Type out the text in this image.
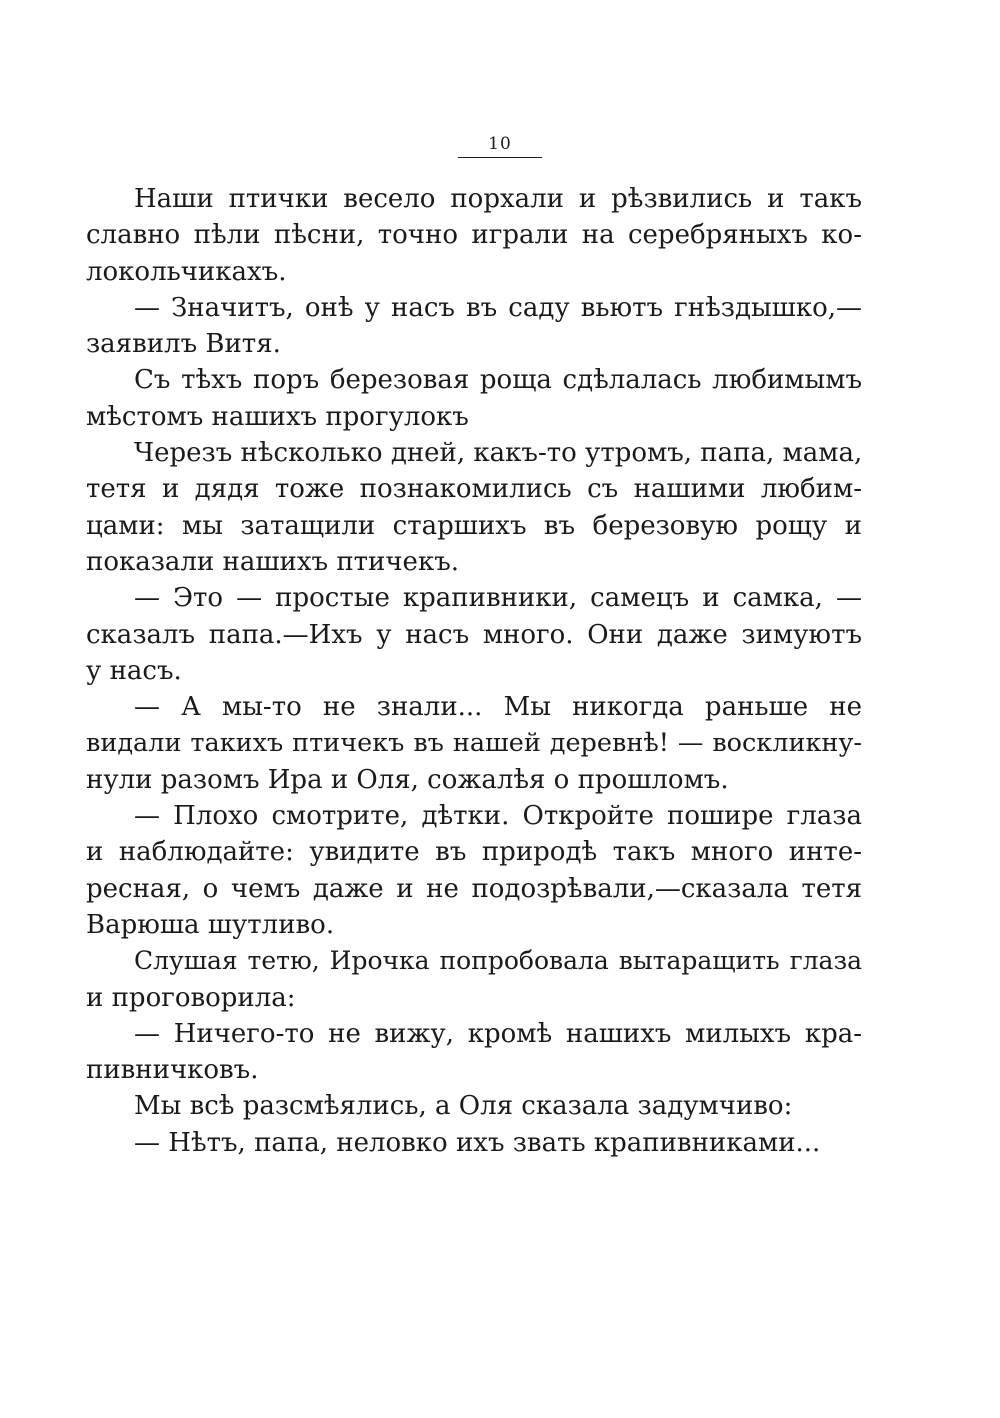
10
Наши птички весело порхали и рѣзвились и такъ
славно пѣли пѣсни, точно играли на серебряныхъ ко-
локольчикахъ.
— Значитъ, онѣ у насъ въ саду вьютъ гнѣздышко,—
заявилъ Витя.
Съ тѣхъ поръ березовая роща сдѣлалась любимымъ
мѣстомъ нашихъ прогулокъ
Черезъ нѣсколько дней, какъ-то утромъ, папа, мама,
тетя и дядя тоже познакомились съ нашими любим-
цами: мы затащили старшихъ въ березовую рощу и
показали нашихъ птичекъ.
— Это — простые крапивники, самецъ и самка, —
сказалъ папа.—Ихъ у насъ много. Они даже зимуютъ
у насъ.
— А мы-то не знали... Мы никогда раньше не
видали такихъ птичекъ въ нашей деревнѣ! — воскликну-
нули разомъ Ира и Оля, сожалѣя о прошломъ.
— Плохо смотрите, дѣтки. Откройте пошире глаза
и наблюдайте: увидите въ природѣ такъ много инте-
ресная, о чемъ даже и не подозрѣвали,—сказала тетя
Варюша шутливо.
Слушая тетю, Ирочка попробовала вытаращить глаза
и проговорила:
— Ничего-то не вижу, кромѣ нашихъ милыхъ кра-
пивничковъ.
Мы всѣ разсмѣялись, а Оля сказала задумчиво:
— Нѣтъ, папа, неловко ихъ звать крапивниками...
